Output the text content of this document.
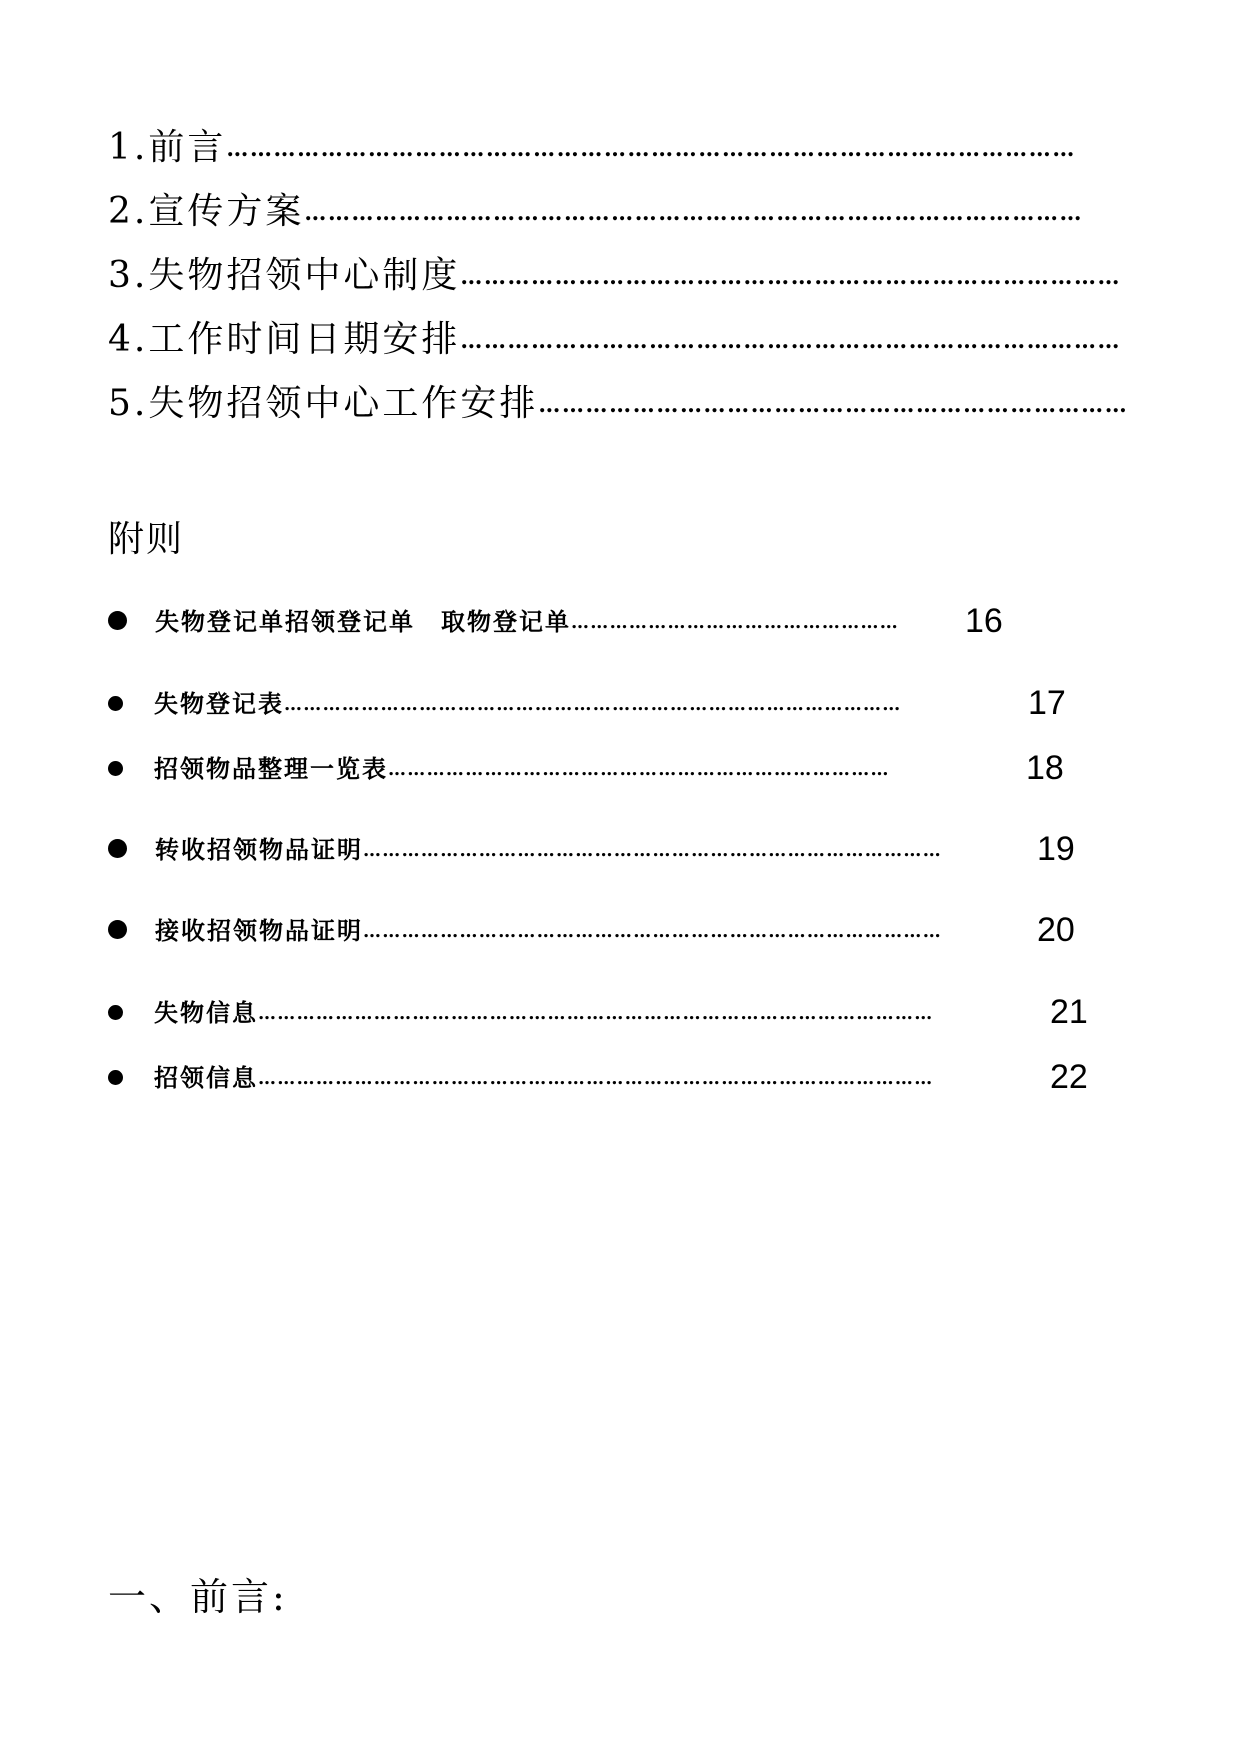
1.前言 ………………………………………………………………………………………………
2.宣传方案 ………………………………………………………………………………………
3.失物招领中心制度 …………………………………………………………………………
4.工作时间日期安排 …………………………………………………………………………
5.失物招领中心工作安排 …………………………………………………………………
附则
失物登记单招领登记单　取物登记单 ……………………………………………	16
失物登记表 ……………………………………………………………………………………	17
招领物品整理一览表 ……………………………………………………………………	18
转收招领物品证明 ………………………………………………………………………………	19
接收招领物品证明 ………………………………………………………………………………	20
失物信息 ……………………………………………………………………………………………	21
招领信息 ……………………………………………………………………………………………	22
一、前言:
